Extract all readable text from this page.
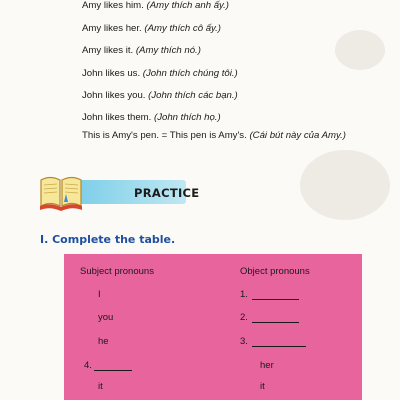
Amy likes him. (Amy thích anh ấy.)
Amy likes her. (Amy thích cô ấy.)
Amy likes it. (Amy thích nó.)
John likes us. (John thích chúng tôi.)
John likes you. (John thích các bạn.)
John likes them. (John thích họ.)
This is Amy's pen. = This pen is Amy's. (Cái bút này của Amy.)
PRACTICE
I. Complete the table.
Subject pronouns	Object pronouns
I	1.
you	2.
he	3.
4.	her
it	it
